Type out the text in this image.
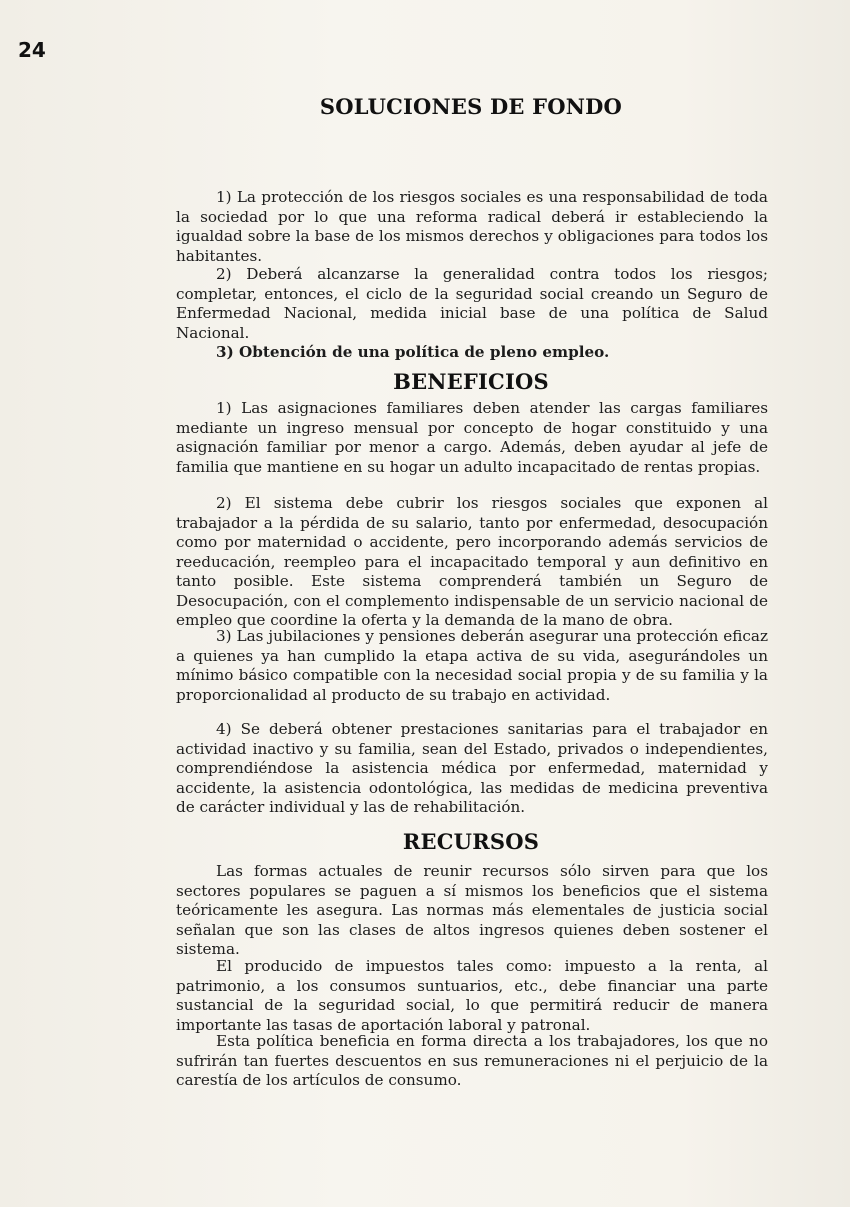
24
SOLUCIONES DE FONDO
1) La protección de los riesgos sociales es una responsabilidad de toda la sociedad por lo que una reforma radical deberá ir estableciendo la igualdad sobre la base de los mismos derechos y obligaciones para todos los habitantes.
2) Deberá alcanzarse la generalidad contra todos los riesgos; completar, entonces, el ciclo de la seguridad social creando un Seguro de Enfermedad Nacional, medida inicial base de una política de Salud Nacional.
3) Obtención de una política de pleno empleo.
BENEFICIOS
1) Las asignaciones familiares deben atender las cargas familiares mediante un ingreso mensual por concepto de hogar constituido y una asignación familiar por menor a cargo. Además, deben ayudar al jefe de familia que mantiene en su hogar un adulto incapacitado de rentas propias.
2) El sistema debe cubrir los riesgos sociales que exponen al trabajador a la pérdida de su salario, tanto por enfermedad, desocupación como por maternidad o accidente, pero incorporando además servicios de reeducación, reempleo para el incapacitado temporal y aun definitivo en tanto posible. Este sistema comprenderá también un Seguro de Desocupación, con el complemento indispensable de un servicio nacional de empleo que coordine la oferta y la demanda de la mano de obra.
3) Las jubilaciones y pensiones deberán asegurar una protección eficaz a quienes ya han cumplido la etapa activa de su vida, asegurándoles un mínimo básico compatible con la necesidad social propia y de su familia y la proporcionalidad al producto de su trabajo en actividad.
4) Se deberá obtener prestaciones sanitarias para el trabajador en actividad inactivo y su familia, sean del Estado, privados o independientes, comprendiéndose la asistencia médica por enfermedad, maternidad y accidente, la asistencia odontológica, las medidas de medicina preventiva de carácter individual y las de rehabilitación.
RECURSOS
Las formas actuales de reunir recursos sólo sirven para que los sectores populares se paguen a sí mismos los beneficios que el sistema teóricamente les asegura. Las normas más elementales de justicia social señalan que son las clases de altos ingresos quienes deben sostener el sistema.
El producido de impuestos tales como: impuesto a la renta, al patrimonio, a los consumos suntuarios, etc., debe financiar una parte sustancial de la seguridad social, lo que permitirá reducir de manera importante las tasas de aportación laboral y patronal.
Esta política beneficia en forma directa a los trabajadores, los que no sufrirán tan fuertes descuentos en sus remuneraciones ni el perjuicio de la carestía de los artículos de consumo.
